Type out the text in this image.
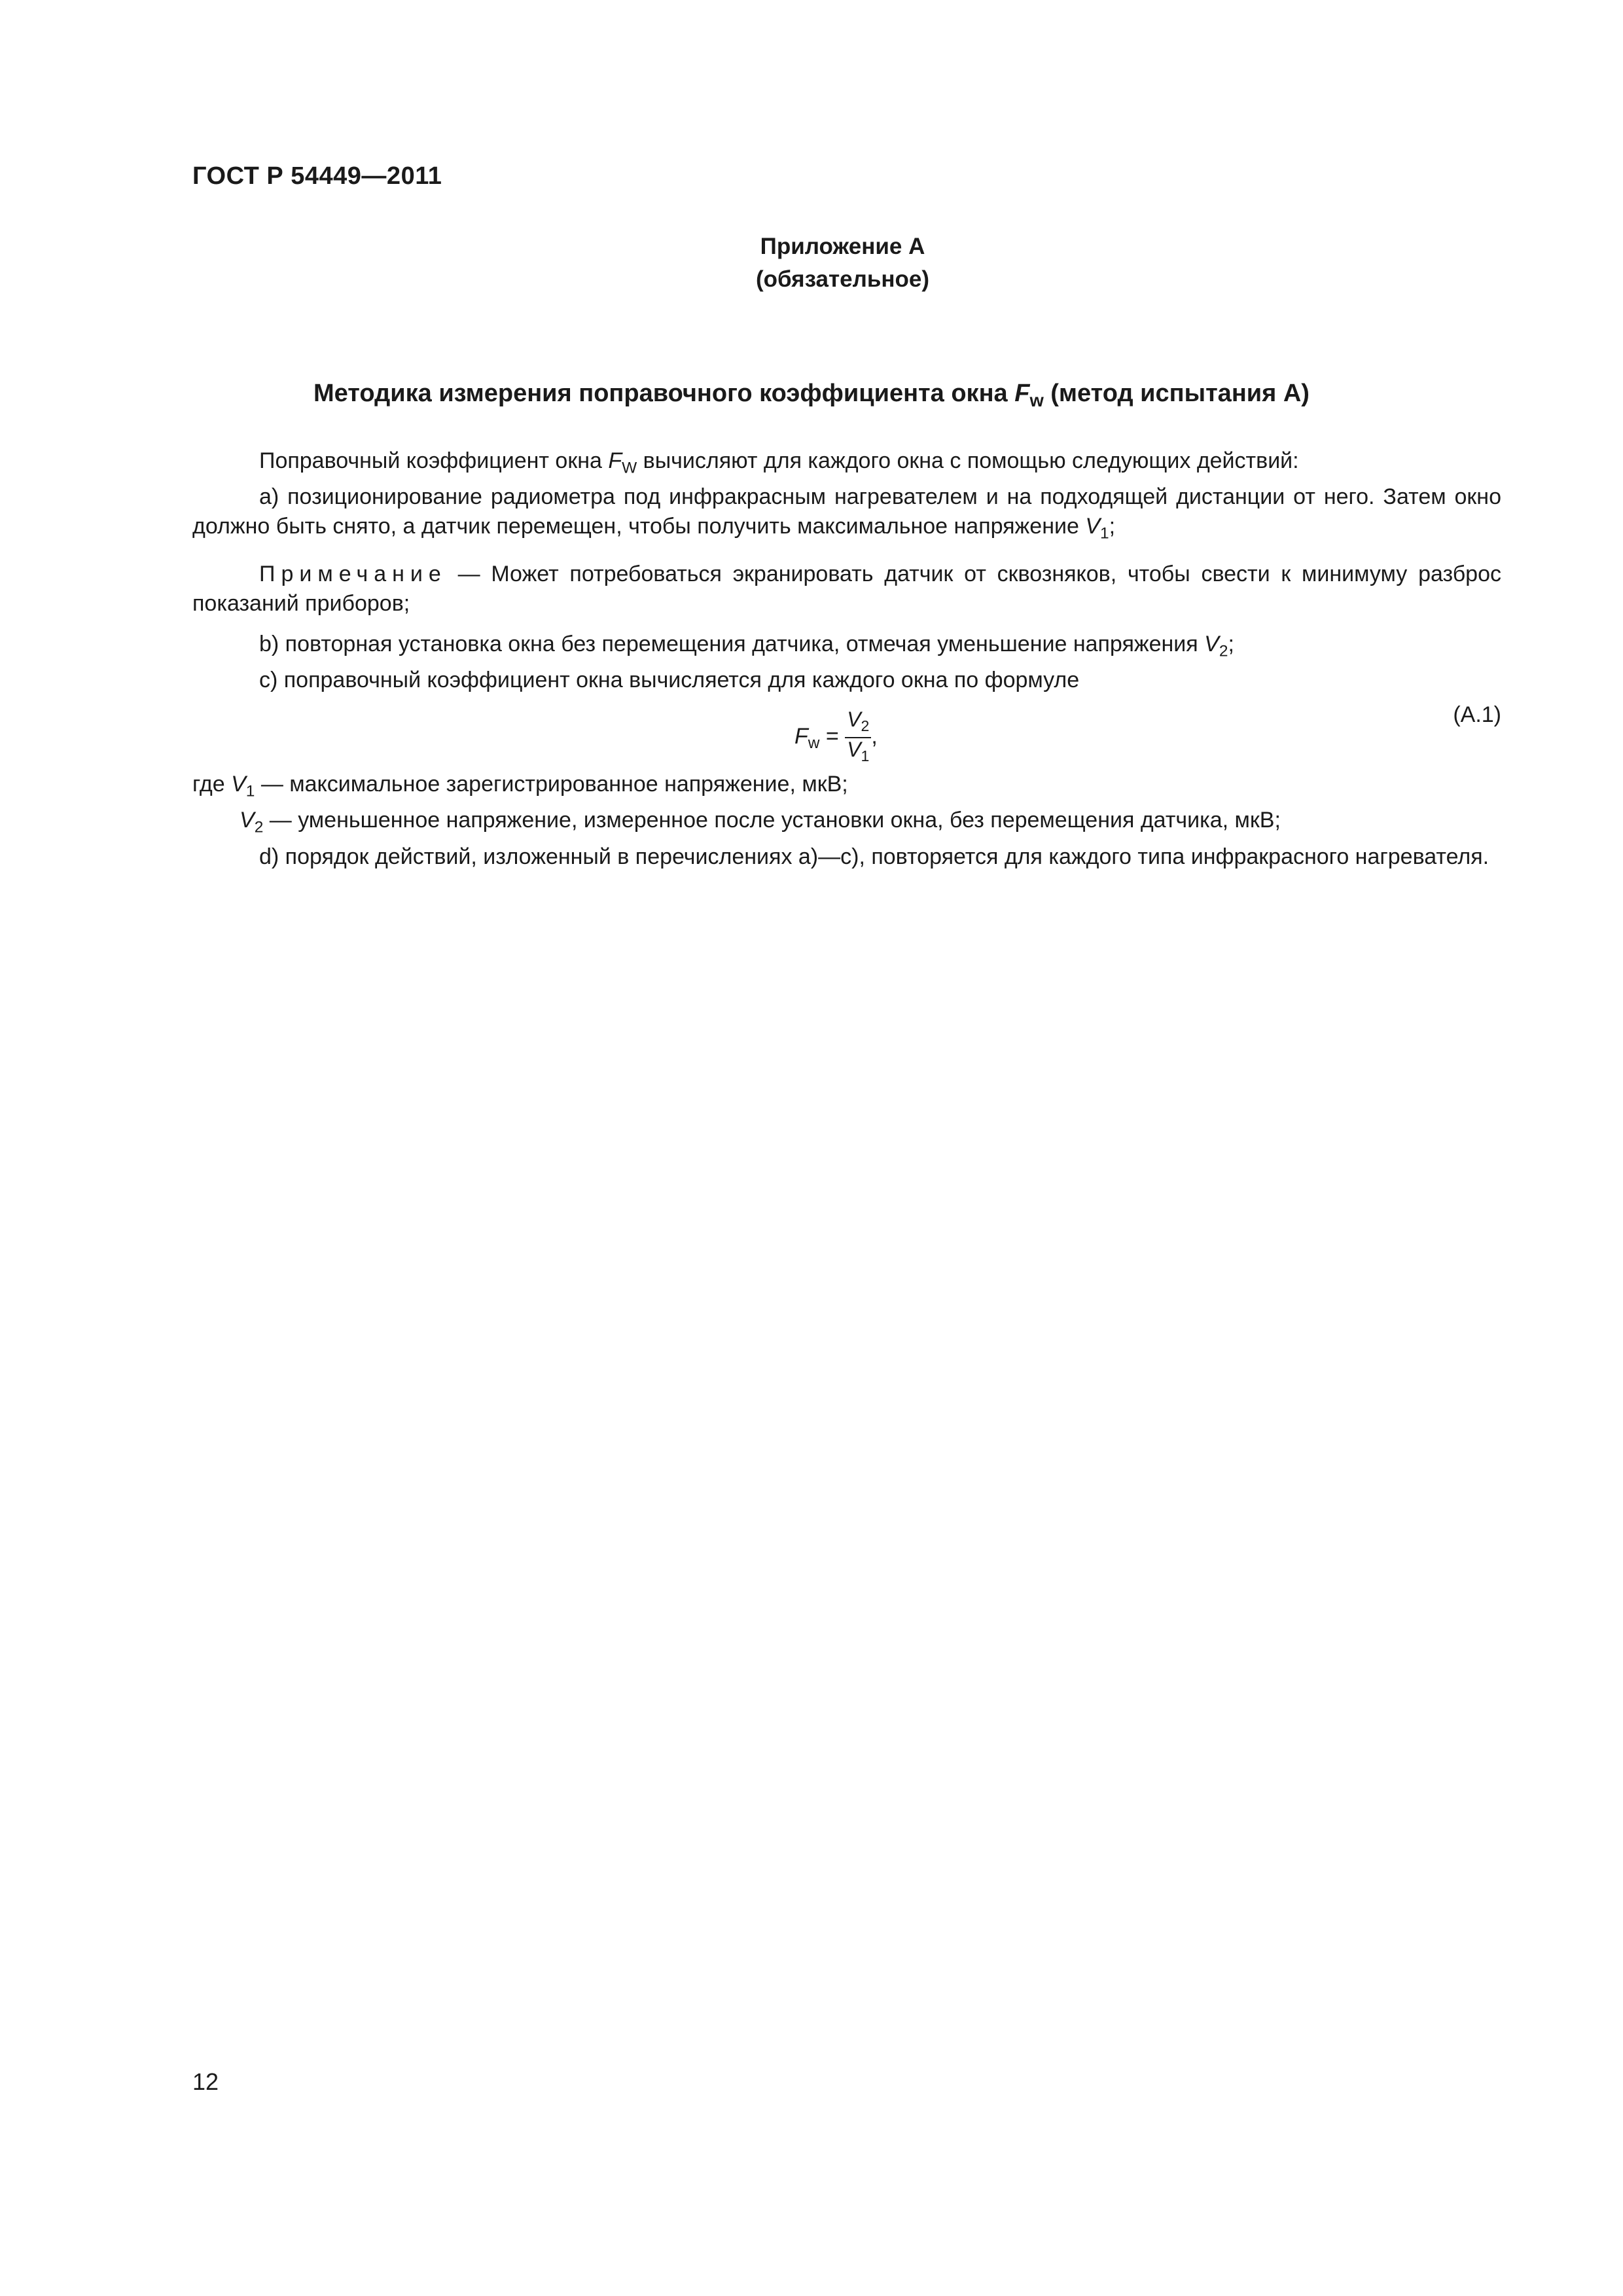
ГОСТ Р 54449—2011
Приложение А
(обязательное)
Методика измерения поправочного коэффициента окна $F_w$ (метод испытания А)

Поправочный коэффициент окна $F_W$ вычисляют для каждого окна с помощью следующих действий:

а) позиционирование радиометра под инфракрасным нагревателем и на подходящей дистанции от него. Затем окно должно быть снято, а датчик перемещен, чтобы получить максимальное напряжение $V_1$;

Примечание — Может потребоваться экранировать датчик от сквозняков, чтобы свести к минимуму разброс показаний приборов;

b) повторная установка окна без перемещения датчика, отмечая уменьшение напряжения $V_2$;

с) поправочный коэффициент окна вычисляется для каждого окна по формуле

$F_w = \frac{V_2}{V_1}$ ,
(А.1)

где $V_1$ — максимальное зарегистрированное напряжение, мкВ;

$V_2$ — уменьшенное напряжение, измеренное после установки окна, без перемещения датчика, мкВ;

d) порядок действий, изложенный в перечислениях а)—с), повторяется для каждого типа инфракрасного нагревателя.

12
